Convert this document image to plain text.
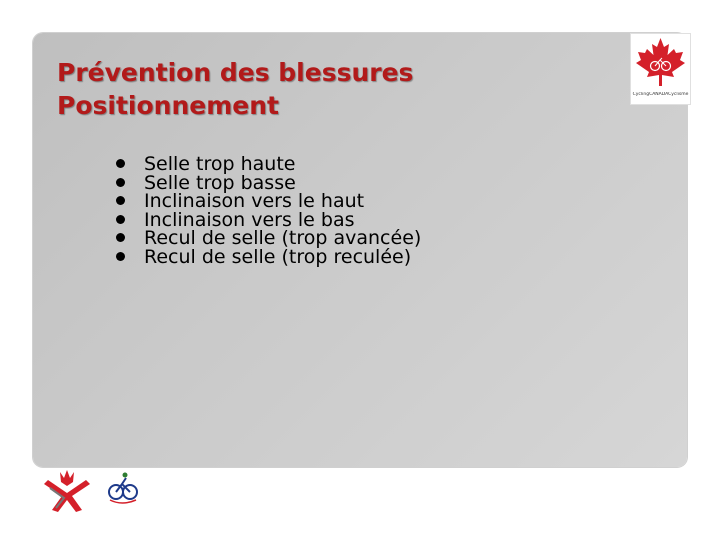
Prévention des blessures
Positionnement
Selle trop haute
Selle trop basse
Inclinaison vers le haut
Inclinaison vers le bas
Recul de selle (trop avancée)
Recul de selle (trop reculée)
CyclingCANADACyclisme
